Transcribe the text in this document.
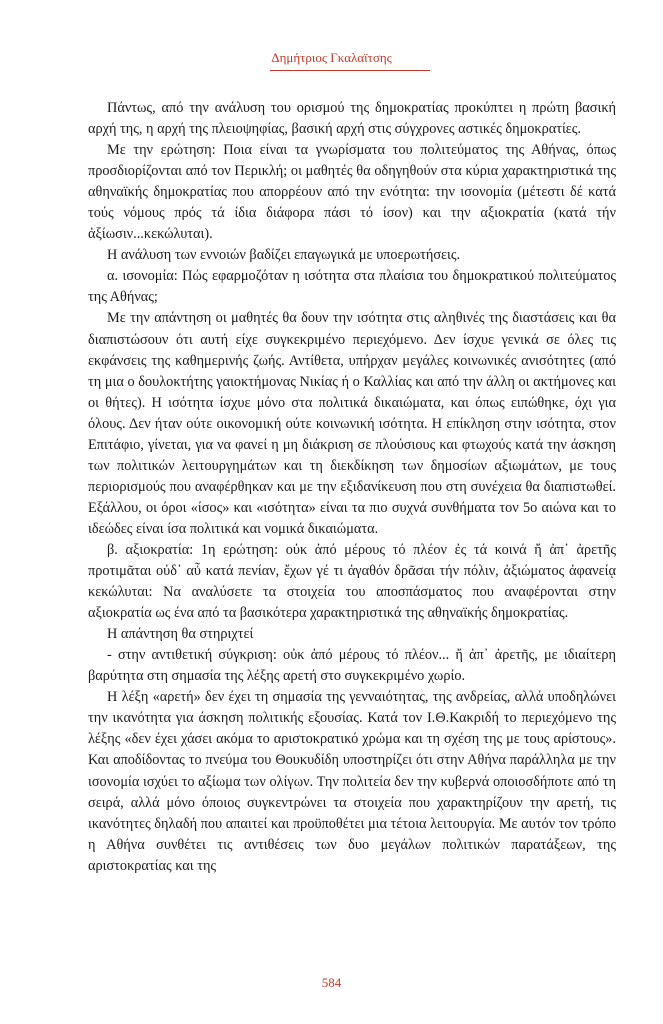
Δημήτριος Γκαλαϊτσης

Πάντως, από την ανάλυση του ορισμού της δημοκρατίας προκύπτει η πρώτη βασική αρχή της, η αρχή της πλειοψηφίας, βασική αρχή στις σύγχρονες αστικές δημοκρατίες.

Με την ερώτηση: Ποια είναι τα γνωρίσματα του πολιτεύματος της Αθήνας, όπως προσδιορίζονται από τον Περικλή; οι μαθητές θα οδηγηθούν στα κύρια χαρακτηριστικά της αθηναϊκής δημοκρατίας που απορρέουν από την ενότητα: την ισονομία (μέτεστι δέ κατά τούς νόμους πρός τά ίδια διάφορα πάσι τό ίσον) και την αξιοκρατία (κατά τήν ἀξίωσιν...κεκώλυται).

Η ανάλυση των εννοιών βαδίζει επαγωγικά με υποερωτήσεις.

α. ισονομία: Πώς εφαρμοζόταν η ισότητα στα πλαίσια του δημοκρατικού πολιτεύματος της Αθήνας;

Με την απάντηση οι μαθητές θα δουν την ισότητα στις αληθινές της διαστάσεις και θα διαπιστώσουν ότι αυτή είχε συγκεκριμένο περιεχόμενο. Δεν ίσχυε γενικά σε όλες τις εκφάνσεις της καθημερινής ζωής. Αντίθετα, υπήρχαν μεγάλες κοινωνικές ανισότητες (από τη μια ο δουλοκτήτης γαιοκτήμονας Νικίας ή ο Καλλίας και από την άλλη οι ακτήμονες και οι θήτες). Η ισότητα ίσχυε μόνο στα πολιτικά δικαιώματα, και όπως ειπώθηκε, όχι για όλους. Δεν ήταν ούτε οικονομική ούτε κοινωνική ισότητα. Η επίκληση στην ισότητα, στον Επιτάφιο, γίνεται, για να φανεί η μη διάκριση σε πλούσιους και φτωχούς κατά την άσκηση των πολιτικών λειτουργημάτων και τη διεκδίκηση των δημοσίων αξιωμάτων, με τους περιορισμούς που αναφέρθηκαν και με την εξιδανίκευση που στη συνέχεια θα διαπιστωθεί. Εξάλλου, οι όροι «ίσος» και «ισότητα» είναι τα πιο συχνά συνθήματα τον 5ο αιώνα και το ιδεώδες είναι ίσα πολιτικά και νομικά δικαιώματα.

β. αξιοκρατία: 1η ερώτηση: οὐκ ἀπό μέρους τό πλέον ἐς τά κοινά ἤ ἀπ᾽ ἀρετῆς προτιμᾶται οὐδ᾽ αὖ κατά πενίαν, ἔχων γέ τι ἀγαθόν δρᾶσαι τήν πόλιν, ἀξιώματος ἀφανείᾳ κεκώλυται: Να αναλύσετε τα στοιχεία του αποσπάσματος που αναφέρονται στην αξιοκρατία ως ένα από τα βασικότερα χαρακτηριστικά της αθηναϊκής δημοκρατίας.

Η απάντηση θα στηριχτεί

- στην αντιθετική σύγκριση: οὐκ ἀπό μέρους τό πλέον... ἤ ἀπ᾽ ἀρετῆς, με ιδιαίτερη βαρύτητα στη σημασία της λέξης αρετή στο συγκεκριμένο χωρίο.

Η λέξη «αρετή» δεν έχει τη σημασία της γενναιότητας, της ανδρείας, αλλά υποδηλώνει την ικανότητα για άσκηση πολιτικής εξουσίας. Κατά τον Ι.Θ.Κακριδή το περιεχόμενο της λέξης «δεν έχει χάσει ακόμα το αριστοκρατικό χρώμα και τη σχέση της με τους αρίστους». Και αποδίδοντας το πνεύμα του Θουκυδίδη υποστηρίζει ότι στην Αθήνα παράλληλα με την ισονομία ισχύει το αξίωμα των ολίγων. Την πολιτεία δεν την κυβερνά οποιοσδήποτε από τη σειρά, αλλά μόνο όποιος συγκεντρώνει τα στοιχεία που χαρακτηρίζουν την αρετή, τις ικανότητες δηλαδή που απαιτεί και προϋποθέτει μια τέτοια λειτουργία. Με αυτόν τον τρόπο η Αθήνα συνθέτει τις αντιθέσεις των δυο μεγάλων πολιτικών παρατάξεων, της αριστοκρατίας και της

584
